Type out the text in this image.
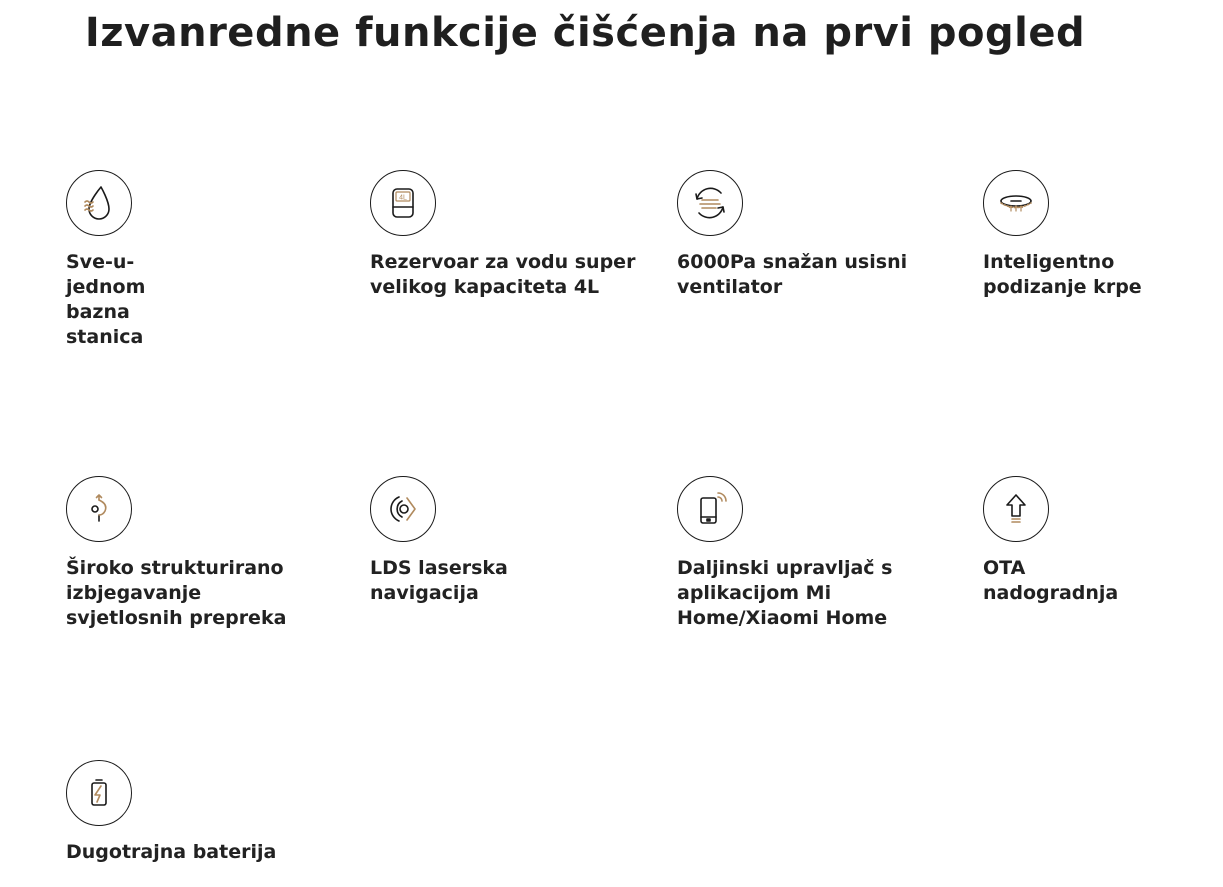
Izvanredne funkcije čišćenja na prvi pogled
Sve-u-
jednom
bazna
stanica
4L
Rezervoar za vodu super
velikog kapaciteta 4L
6000Pa snažan usisni
ventilator
Inteligentno
podizanje krpe
Široko strukturirano
izbjegavanje
svjetlosnih prepreka
LDS laserska
navigacija
Daljinski upravljač s
aplikacijom Mi
Home/Xiaomi Home
OTA
nadogradnja
Dugotrajna baterija
